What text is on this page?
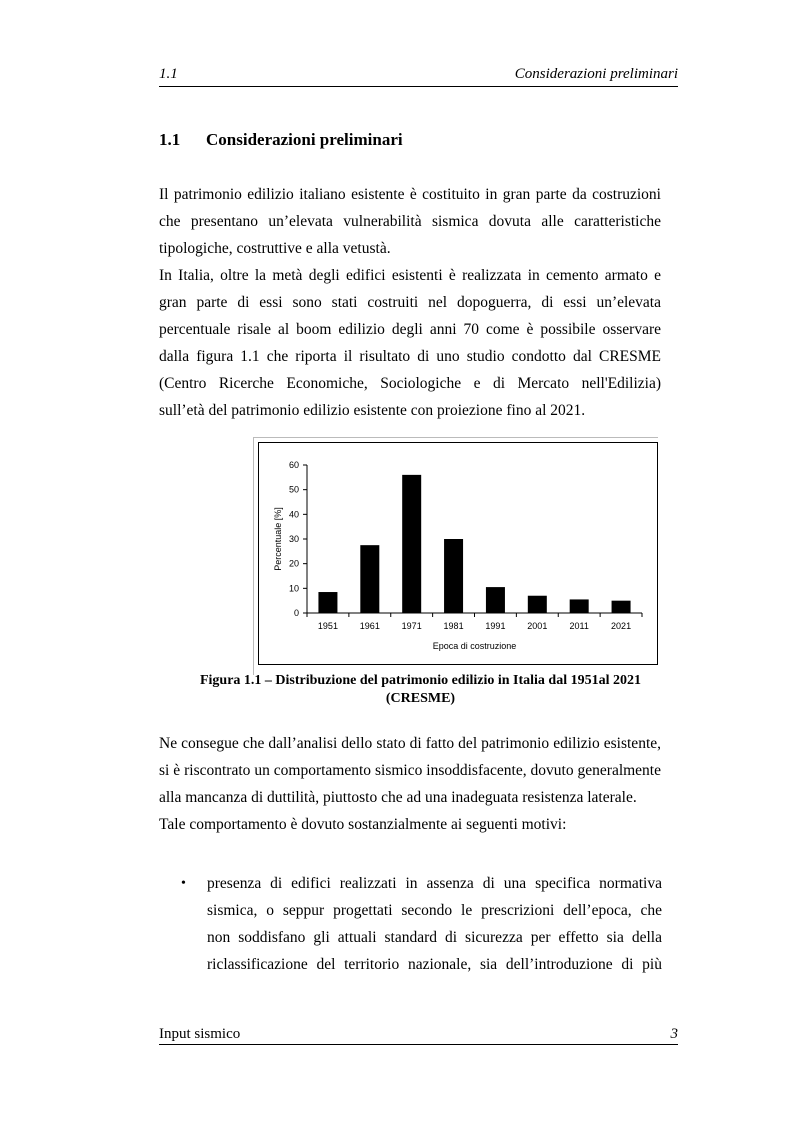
1.1	Considerazioni preliminari
1.1 Considerazioni preliminari

Il patrimonio edilizio italiano esistente è costituito in gran parte da costruzioni
che presentano un’elevata vulnerabilità sismica dovuta alle caratteristiche
tipologiche, costruttive e alla vetustà.

In Italia, oltre la metà degli edifici esistenti è realizzata in cemento armato e
gran parte di essi sono stati costruiti nel dopoguerra, di essi un’elevata
percentuale risale al boom edilizio degli anni 70 come è possibile osservare
dalla figura 1.1 che riporta il risultato di uno studio condotto dal CRESME
(Centro Ricerche Economiche, Sociologiche e di Mercato nell'Edilizia)
sull’età del patrimonio edilizio esistente con proiezione fino al 2021.

0
10
20
30
40
50
60
1951 1961 1971 1981 1991 2001 2011 2021
Epoca di costruzione
Percentuale [%]
Figura 1.1 – Distribuzione del patrimonio edilizio in Italia dal 1951al 2021
(CRESME)

Ne consegue che dall’analisi dello stato di fatto del patrimonio edilizio esistente,
si è riscontrato un comportamento sismico insoddisfacente, dovuto generalmente
alla mancanza di duttilità, piuttosto che ad una inadeguata resistenza laterale.
Tale comportamento è dovuto sostanzialmente ai seguenti motivi:

• presenza di edifici realizzati in assenza di una specifica normativa
sismica, o seppur progettati secondo le prescrizioni dell’epoca, che
non soddisfano gli attuali standard di sicurezza per effetto sia della
riclassificazione del territorio nazionale, sia dell’introduzione di più
Input sismico	3
